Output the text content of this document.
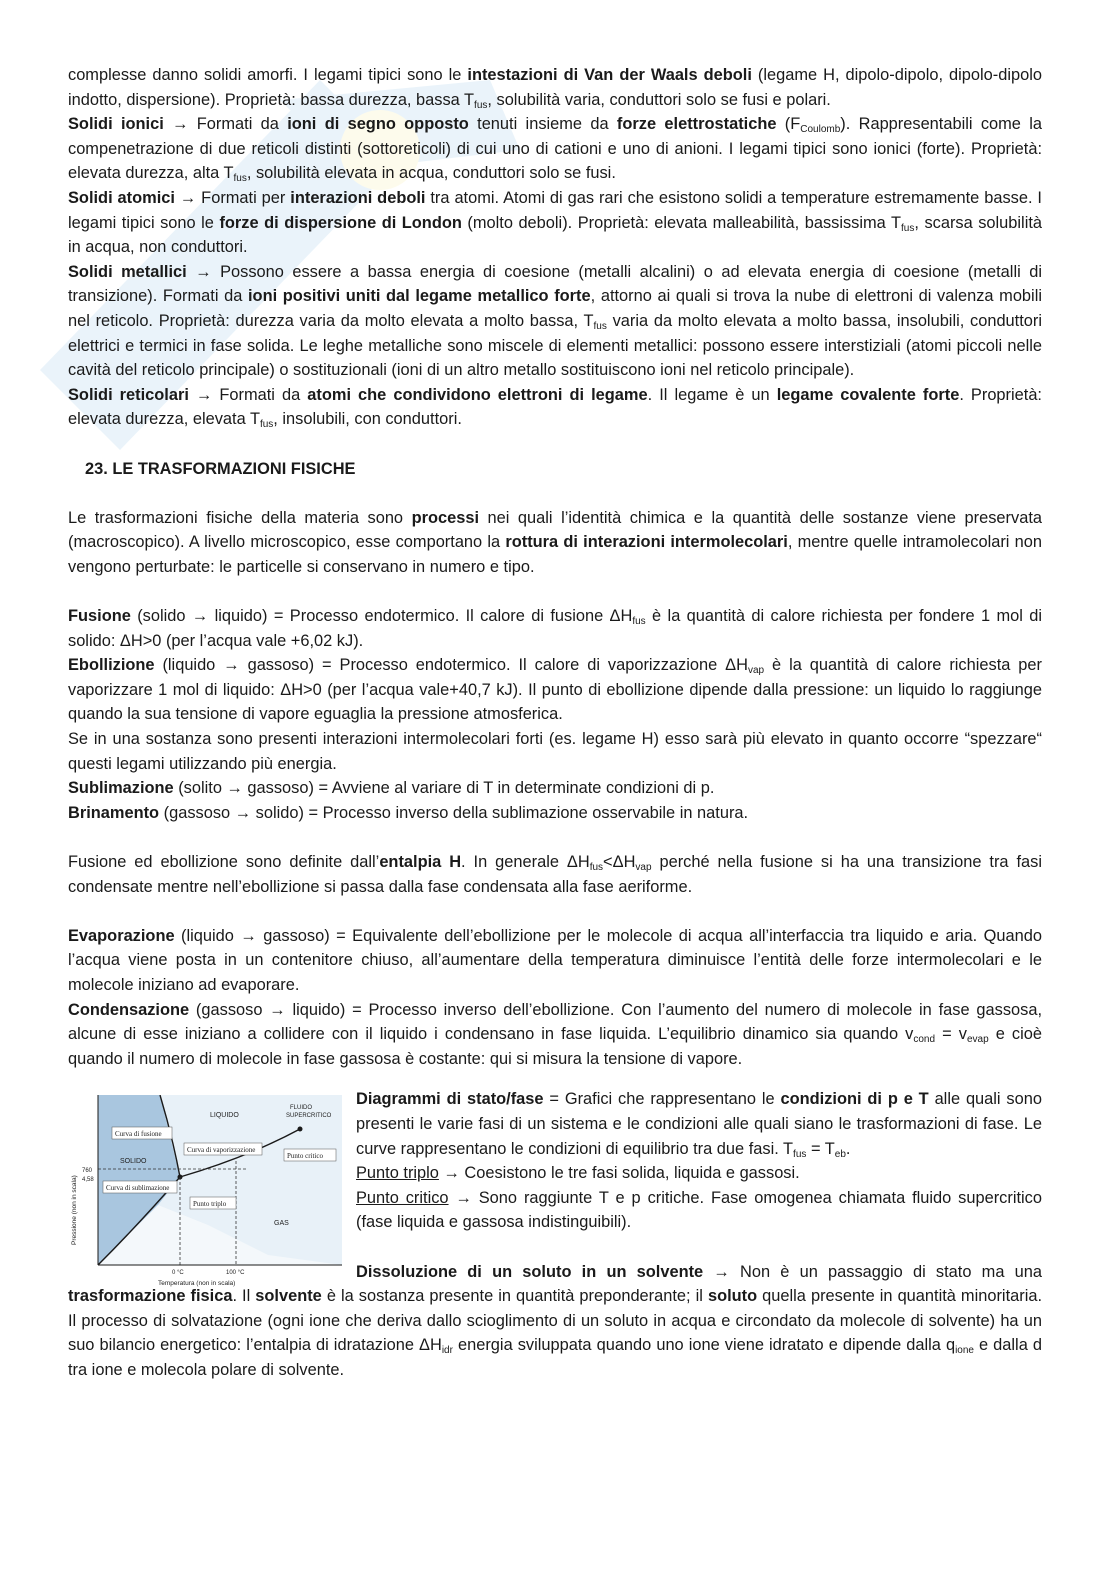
complesse danno solidi amorfi. I legami tipici sono le intestazioni di Van der Waals deboli (legame H, dipolo-dipolo, dipolo-dipolo indotto, dispersione). Proprietà: bassa durezza, bassa $T_{fus}$, solubilità varia, conduttori solo se fusi e polari.

Solidi ionici → Formati da ioni di segno opposto tenuti insieme da forze elettrostatiche $(F_{Coulomb})$. Rappresentabili come la compenetrazione di due reticoli distinti (sottoreticoli) di cui uno di cationi e uno di anioni. I legami tipici sono ionici (forte). Proprietà: elevata durezza, alta $T_{fus}$, solubilità elevata in acqua, conduttori solo se fusi.

Solidi atomici → Formati per interazioni deboli tra atomi. Atomi di gas rari che esistono solidi a temperature estremamente basse. I legami tipici sono le forze di dispersione di London (molto deboli). Proprietà: elevata malleabilità, bassissima $T_{fus}$, scarsa solubilità in acqua, non conduttori.

Solidi metallici → Possono essere a bassa energia di coesione (metalli alcalini) o ad elevata energia di coesione (metalli di transizione). Formati da ioni positivi uniti dal legame metallico forte, attorno ai quali si trova la nube di elettroni di valenza mobili nel reticolo. Proprietà: durezza varia da molto elevata a molto bassa, $T_{fus}$ varia da molto elevata a molto bassa, insolubili, conduttori elettrici e termici in fase solida. Le leghe metalliche sono miscele di elementi metallici: possono essere interstiziali (atomi piccoli nelle cavità del reticolo principale) o sostituzionali (ioni di un altro metallo sostituiscono ioni nel reticolo principale).

Solidi reticolari → Formati da atomi che condividono elettroni di legame. Il legame è un legame covalente forte. Proprietà: elevata durezza, elevata $T_{fus}$, insolubili, con conduttori.

23. LE TRASFORMAZIONI FISICHE

Le trasformazioni fisiche della materia sono processi nei quali l’identità chimica e la quantità delle sostanze viene preservata (macroscopico). A livello microscopico, esse comportano la rottura di interazioni intermolecolari, mentre quelle intramolecolari non vengono perturbate: le particelle si conservano in numero e tipo.

Fusione (solido → liquido) = Processo endotermico. Il calore di fusione $\Delta H_{fus}$ è la quantità di calore richiesta per fondere 1 mol di solido: ΔH>0 (per l’acqua vale +6,02 kJ).

Ebollizione (liquido → gassoso) = Processo endotermico. Il calore di vaporizzazione $\Delta H_{vap}$ è la quantità di calore richiesta per vaporizzare 1 mol di liquido: ΔH>0 (per l’acqua vale+40,7 kJ). Il punto di ebollizione dipende dalla pressione: un liquido lo raggiunge quando la sua tensione di vapore eguaglia la pressione atmosferica.

Se in una sostanza sono presenti interazioni intermolecolari forti (es. legame H) esso sarà più elevato in quanto occorre “spezzare“ questi legami utilizzando più energia.

Sublimazione (solito → gassoso) = Avviene al variare di T in determinate condizioni di p.

Brinamento (gassoso → solido) = Processo inverso della sublimazione osservabile in natura.

Fusione ed ebollizione sono definite dall’entalpia H. In generale $\Delta H_{fus}<\Delta H_{vap}$ perché nella fusione si ha una transizione tra fasi condensate mentre nell’ebollizione si passa dalla fase condensata alla fase aeriforme.

Evaporazione (liquido → gassoso) = Equivalente dell’ebollizione per le molecole di acqua all’interfaccia tra liquido e aria. Quando l’acqua viene posta in un contenitore chiuso, all’aumentare della temperatura diminuisce l’entità delle forze intermolecolari e le molecole iniziano ad evaporare.

Condensazione (gassoso → liquido) = Processo inverso dell’ebollizione. Con l’aumento del numero di molecole in fase gassosa, alcune di esse iniziano a collidere con il liquido i condensano in fase liquida. L’equilibrio dinamico sia quando $v_{cond} = v_{evap}$ e cioè quando il numero di molecole in fase gassosa è costante: qui si misura la tensione di vapore.

Curva di fusione
Curva di vaporizzazione
Curva di sublimazione
Punto triplo
Punto critico
LIQUIDO
SOLIDO
GAS
FLUIDO
SUPERCRITICO
760
4,58
0 °C	100 °C
Temperatura (non in scala)
Pressione (non in scala)

Diagrammi di stato/fase = Grafici che rappresentano le condizioni di p e T alle quali sono presenti le varie fasi di un sistema e le condizioni alle quali siano le trasformazioni di fase. Le curve rappresentano le condizioni di equilibrio tra due fasi. $T_{fus} = T_{eb}$.

Punto triplo → Coesistono le tre fasi solida, liquida e gassosi.

Punto critico → Sono raggiunte T e p critiche. Fase omogenea chiamata fluido supercritico (fase liquida e gassosa indistinguibili).

Dissoluzione di un soluto in un solvente → Non è un passaggio di stato ma una trasformazione fisica. Il solvente è la sostanza presente in quantità preponderante; il soluto quella presente in quantità minoritaria. Il processo di solvatazione (ogni ione che deriva dallo scioglimento di un soluto in acqua e circondato da molecole di solvente) ha un suo bilancio energetico: l’entalpia di idratazione $\Delta H_{idr}$ energia sviluppata quando uno ione viene idratato e dipende dalla $q_{ione}$ e dalla d tra ione e molecola polare di solvente.
